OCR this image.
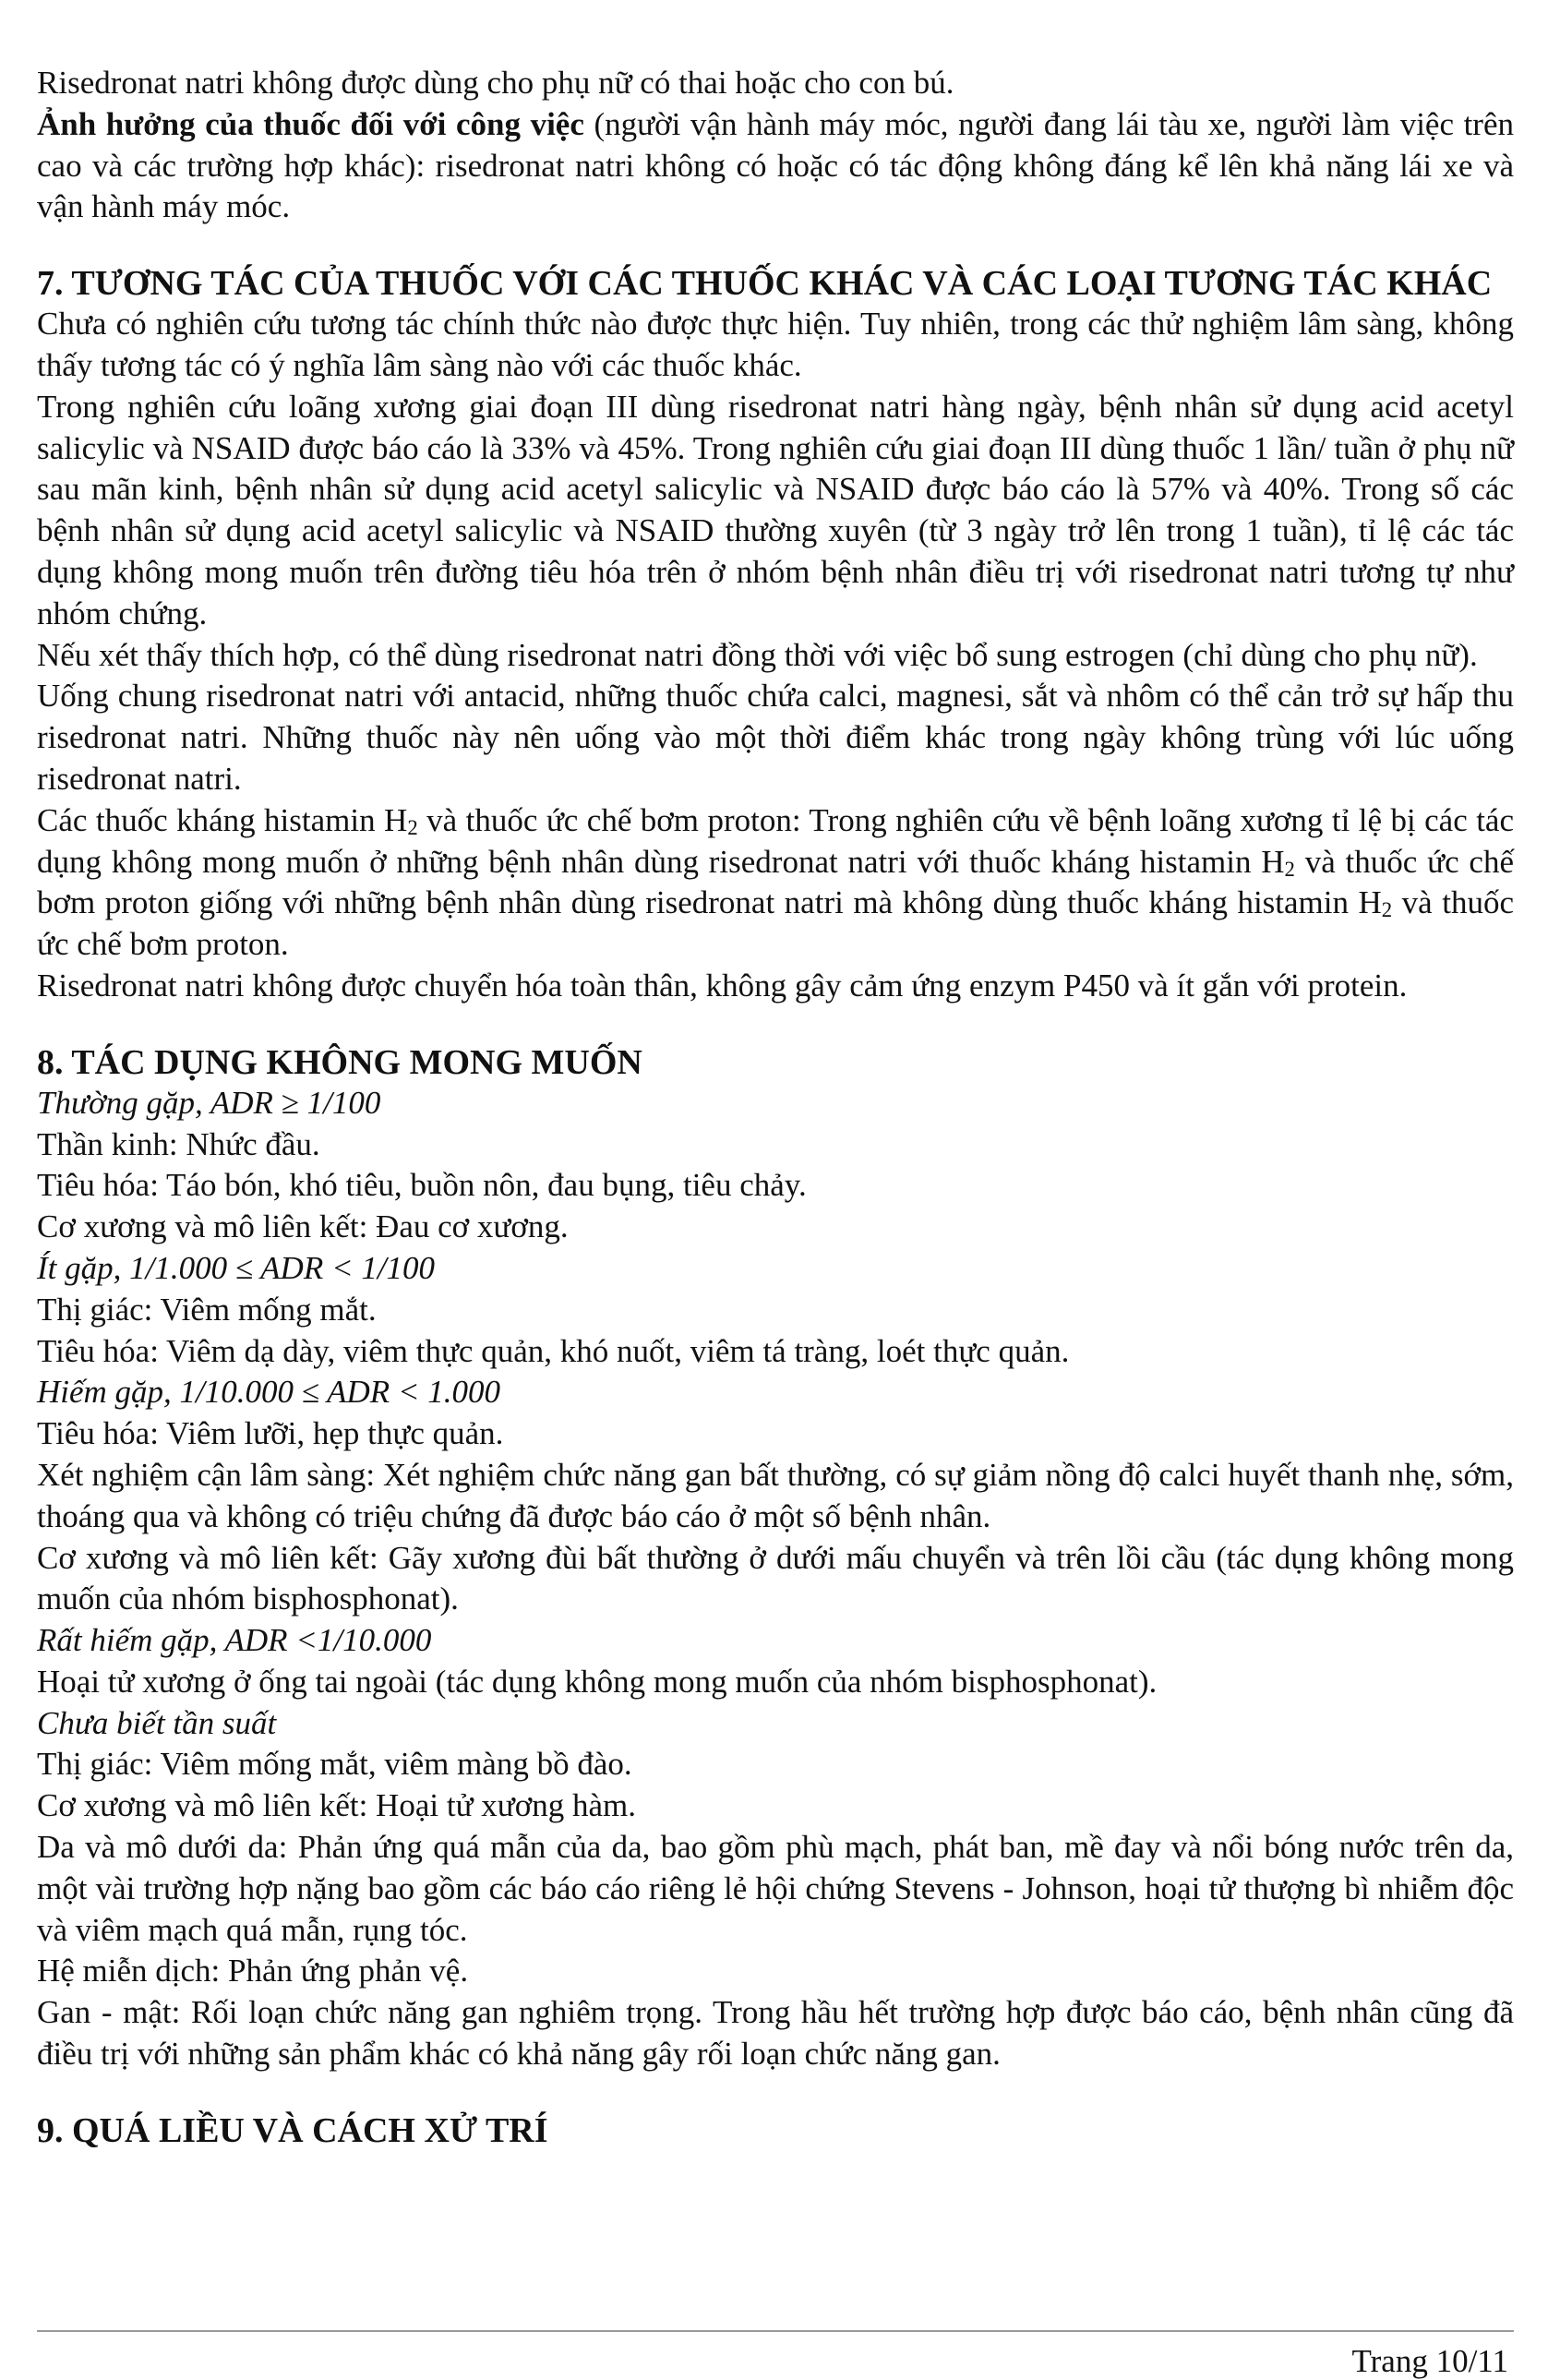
Risedronat natri không được dùng cho phụ nữ có thai hoặc cho con bú.

Ảnh hưởng của thuốc đối với công việc (người vận hành máy móc, người đang lái tàu xe, người làm việc trên cao và các trường hợp khác): risedronat natri không có hoặc có tác động không đáng kể lên khả năng lái xe và vận hành máy móc.

7. TƯƠNG TÁC CỦA THUỐC VỚI CÁC THUỐC KHÁC VÀ CÁC LOẠI TƯƠNG TÁC KHÁC

Chưa có nghiên cứu tương tác chính thức nào được thực hiện. Tuy nhiên, trong các thử nghiệm lâm sàng, không thấy tương tác có ý nghĩa lâm sàng nào với các thuốc khác.

Trong nghiên cứu loãng xương giai đoạn III dùng risedronat natri hàng ngày, bệnh nhân sử dụng acid acetyl salicylic và NSAID được báo cáo là 33% và 45%. Trong nghiên cứu giai đoạn III dùng thuốc 1 lần/ tuần ở phụ nữ sau mãn kinh, bệnh nhân sử dụng acid acetyl salicylic và NSAID được báo cáo là 57% và 40%. Trong số các bệnh nhân sử dụng acid acetyl salicylic và NSAID thường xuyên (từ 3 ngày trở lên trong 1 tuần), tỉ lệ các tác dụng không mong muốn trên đường tiêu hóa trên ở nhóm bệnh nhân điều trị với risedronat natri tương tự như nhóm chứng.

Nếu xét thấy thích hợp, có thể dùng risedronat natri đồng thời với việc bổ sung estrogen (chỉ dùng cho phụ nữ).

Uống chung risedronat natri với antacid, những thuốc chứa calci, magnesi, sắt và nhôm có thể cản trở sự hấp thu risedronat natri. Những thuốc này nên uống vào một thời điểm khác trong ngày không trùng với lúc uống risedronat natri.

Các thuốc kháng histamin $H_2$ và thuốc ức chế bơm proton: Trong nghiên cứu về bệnh loãng xương tỉ lệ bị các tác dụng không mong muốn ở những bệnh nhân dùng risedronat natri với thuốc kháng histamin $H_2$ và thuốc ức chế bơm proton giống với những bệnh nhân dùng risedronat natri mà không dùng thuốc kháng histamin $H_2$ và thuốc ức chế bơm proton.

Risedronat natri không được chuyển hóa toàn thân, không gây cảm ứng enzym P450 và ít gắn với protein.

8. TÁC DỤNG KHÔNG MONG MUỐN

Thường gặp, ADR ≥ 1/100

Thần kinh: Nhức đầu.

Tiêu hóa: Táo bón, khó tiêu, buồn nôn, đau bụng, tiêu chảy.

Cơ xương và mô liên kết: Đau cơ xương.

Ít gặp, 1/1.000 ≤ ADR < 1/100

Thị giác: Viêm mống mắt.

Tiêu hóa: Viêm dạ dày, viêm thực quản, khó nuốt, viêm tá tràng, loét thực quản.

Hiếm gặp, 1/10.000 ≤ ADR < 1.000

Tiêu hóa: Viêm lưỡi, hẹp thực quản.

Xét nghiệm cận lâm sàng: Xét nghiệm chức năng gan bất thường, có sự giảm nồng độ calci huyết thanh nhẹ, sớm, thoáng qua và không có triệu chứng đã được báo cáo ở một số bệnh nhân.

Cơ xương và mô liên kết: Gãy xương đùi bất thường ở dưới mấu chuyển và trên lồi cầu (tác dụng không mong muốn của nhóm bisphosphonat).

Rất hiếm gặp, ADR <1/10.000

Hoại tử xương ở ống tai ngoài (tác dụng không mong muốn của nhóm bisphosphonat).

Chưa biết tần suất

Thị giác: Viêm mống mắt, viêm màng bồ đào.

Cơ xương và mô liên kết: Hoại tử xương hàm.

Da và mô dưới da: Phản ứng quá mẫn của da, bao gồm phù mạch, phát ban, mề đay và nổi bóng nước trên da, một vài trường hợp nặng bao gồm các báo cáo riêng lẻ hội chứng Stevens - Johnson, hoại tử thượng bì nhiễm độc và viêm mạch quá mẫn, rụng tóc.

Hệ miễn dịch: Phản ứng phản vệ.

Gan - mật: Rối loạn chức năng gan nghiêm trọng. Trong hầu hết trường hợp được báo cáo, bệnh nhân cũng đã điều trị với những sản phẩm khác có khả năng gây rối loạn chức năng gan.

9. QUÁ LIỀU VÀ CÁCH XỬ TRÍ

Trang 10/11
